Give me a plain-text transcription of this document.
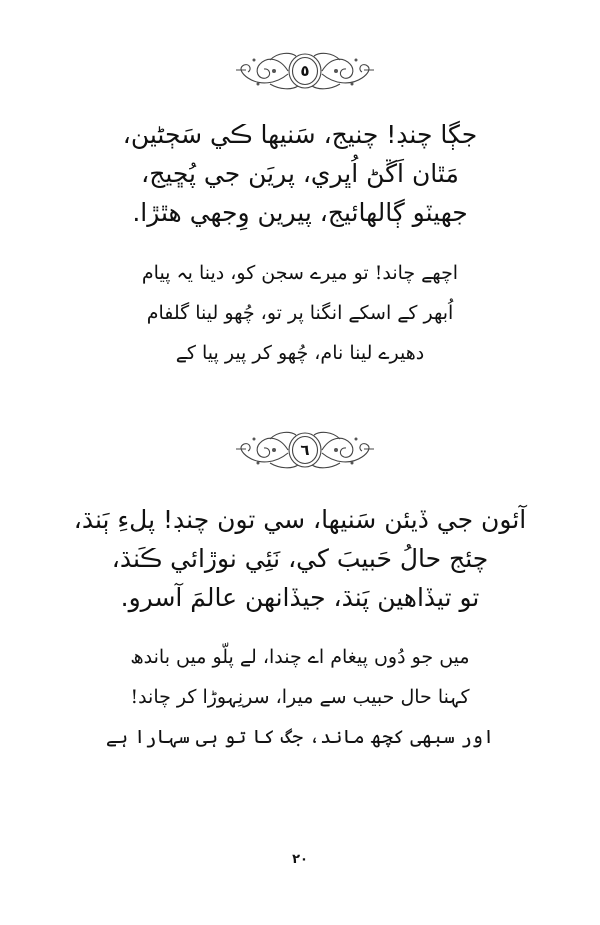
٥
جڳا چنڊ! چنيج، سَنيها ڪي سَڄڻين،
مَٿان اَڱڻ اُڀري، پريَن جي پُڇيج،
جهيٽو ڳالهائيج، پيرين وِجهي هٿڙا.
اچھے چاند! تو میرے سجن کو، دینا یہ پیام
اُبھر کے اسکے انگنا پر تو، چُھو لینا گلفام
دھیرے لینا نام، چُھو کر پیر پیا کے
٦
آئون جي ڏيئن سَنيها، سي تون چنڊ! پلءِ ٻَنڌ،
چئج حالُ حَبيبَ کي، نَئِي نوڙائي ڪَنڌ،
تو تيڏاهين پَنڌ، جيڏانهن عالمَ آسرو.
میں جو دُوں پیغام اے چندا، لے پلّو میں باندھ
کہنا حال حبیب سے میرا، سرنِہوڑا کر چاند!
اور سبھی کچھ ماند، جگ کا تو ہی سہارا ہے
۲۰
